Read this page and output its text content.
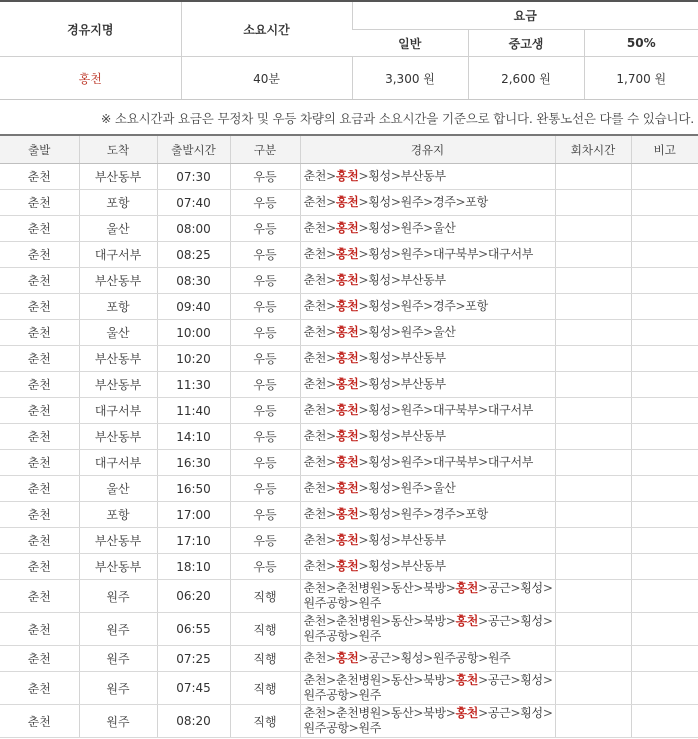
경유지명	소요시간	요금		
		일반	중고생	50%
홍천	40분	3,300 원	2,600 원	1,700 원
※ 소요시간과 요금은 무정차 및 우등 차량의 요금과 소요시간을 기준으로 합니다. 완통노선은 다를 수 있습니다.
출발	도착	출발시간	구분	경유지	회차시간	비고
춘천	부산동부	07:30	우등	춘천>홍천>횡성>부산동부		
춘천	포항	07:40	우등	춘천>홍천>횡성>원주>경주>포항		
춘천	울산	08:00	우등	춘천>홍천>횡성>원주>울산		
춘천	대구서부	08:25	우등	춘천>홍천>횡성>원주>대구북부>대구서부		
춘천	부산동부	08:30	우등	춘천>홍천>횡성>부산동부		
춘천	포항	09:40	우등	춘천>홍천>횡성>원주>경주>포항		
춘천	울산	10:00	우등	춘천>홍천>횡성>원주>울산		
춘천	부산동부	10:20	우등	춘천>홍천>횡성>부산동부		
춘천	부산동부	11:30	우등	춘천>홍천>횡성>부산동부		
춘천	대구서부	11:40	우등	춘천>홍천>횡성>원주>대구북부>대구서부		
춘천	부산동부	14:10	우등	춘천>홍천>횡성>부산동부		
춘천	대구서부	16:30	우등	춘천>홍천>횡성>원주>대구북부>대구서부		
춘천	울산	16:50	우등	춘천>홍천>횡성>원주>울산		
춘천	포항	17:00	우등	춘천>홍천>횡성>원주>경주>포항		
춘천	부산동부	17:10	우등	춘천>홍천>횡성>부산동부		
춘천	부산동부	18:10	우등	춘천>홍천>횡성>부산동부		
춘천	원주	06:20	직행	춘천>춘천병원>동산>북방>홍천>공근>횡성>원주공항>원주		
춘천	원주	06:55	직행	춘천>춘천병원>동산>북방>홍천>공근>횡성>원주공항>원주		
춘천	원주	07:25	직행	춘천>홍천>공근>횡성>원주공항>원주		
춘천	원주	07:45	직행	춘천>춘천병원>동산>북방>홍천>공근>횡성>원주공항>원주		
춘천	원주	08:20	직행	춘천>춘천병원>동산>북방>홍천>공근>횡성>원주공항>원주		
